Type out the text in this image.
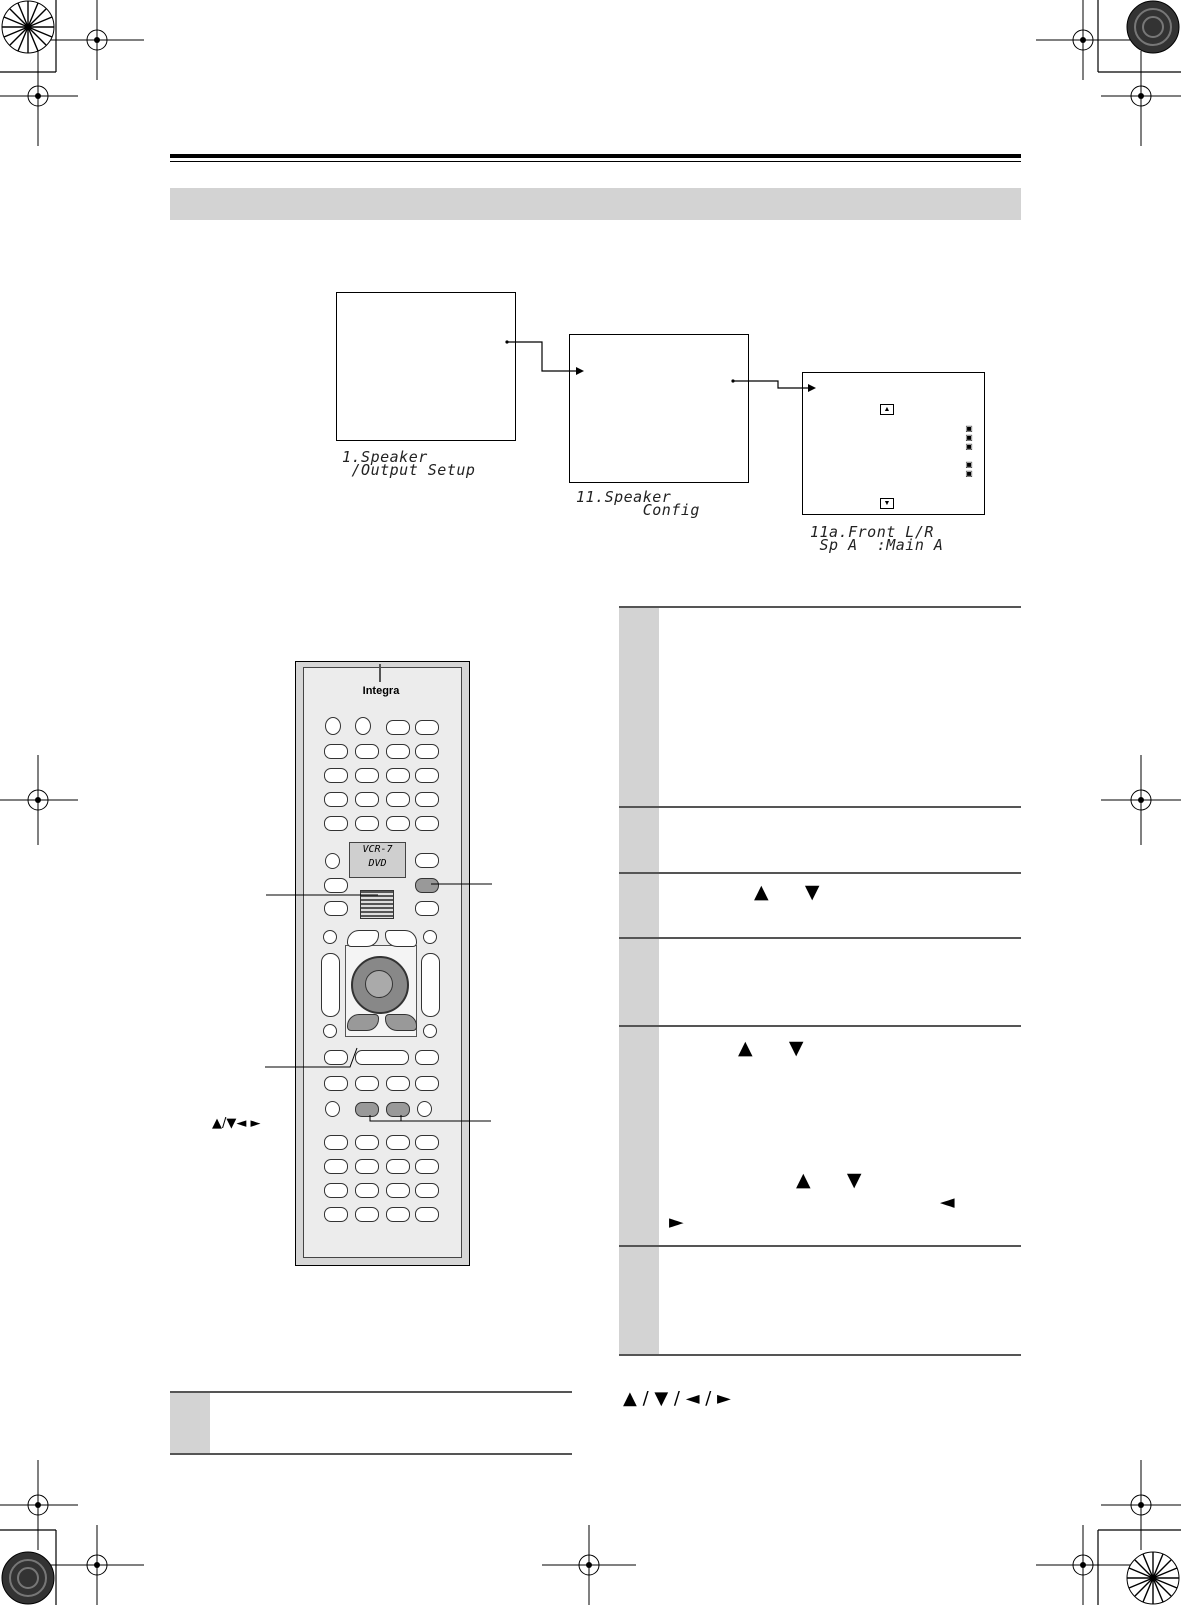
▲
▼
▣
▣
▣

▣
▣
1.Speaker
/Output Setup
11.Speaker
Config
11a.Front L/R
Sp A  :Main A
Integra
VCR-7
DVD
▲/▼◄ ►
▲      ▼
▲      ▼
▲      ▼
◄
►
▲ / ▼ / ◄ / ►
